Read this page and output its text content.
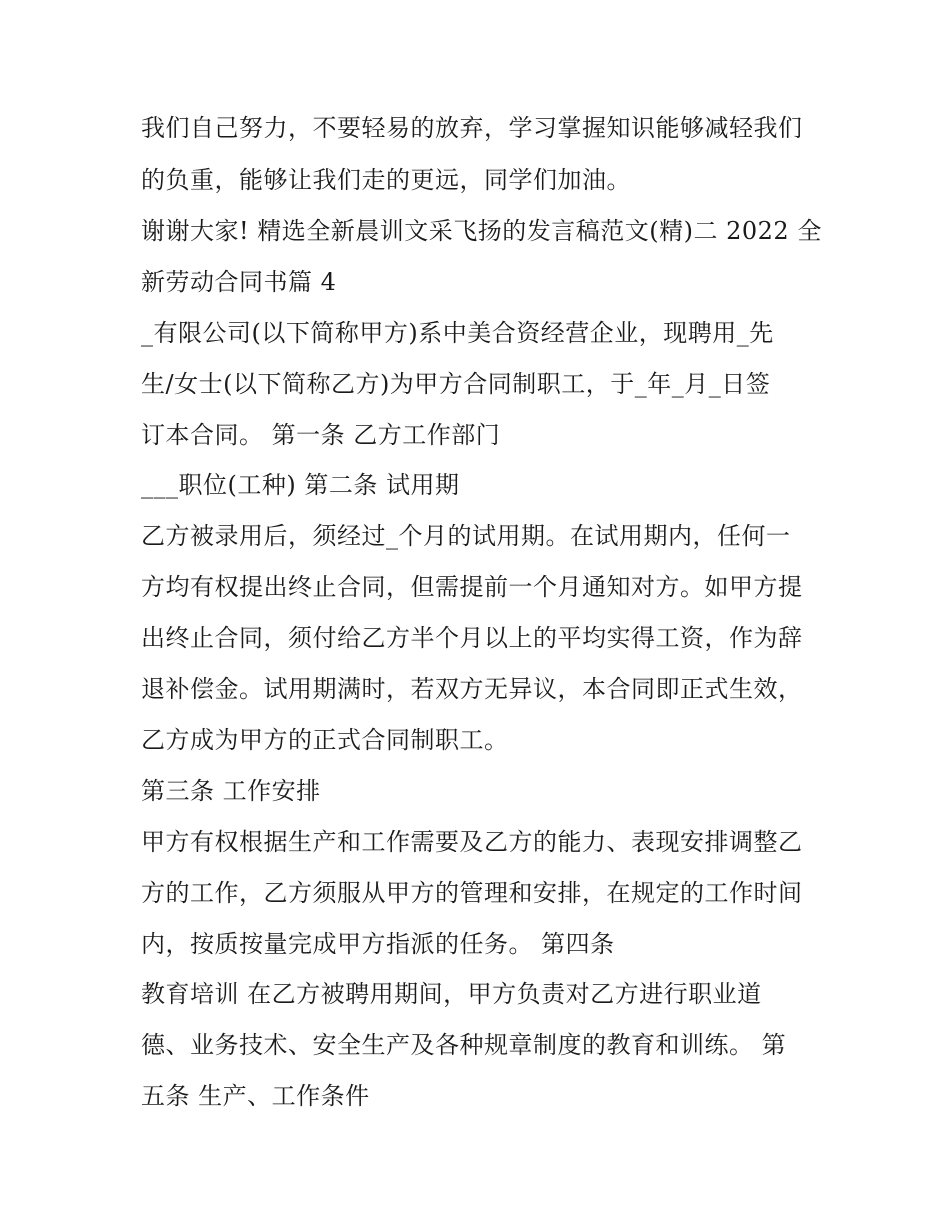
我们自己努力，不要轻易的放弃，学习掌握知识能够减轻我们
的负重，能够让我们走的更远，同学们加油。
谢谢大家! 精选全新晨训文采飞扬的发言稿范文(精)二 2022 全
新劳动合同书篇 4
_有限公司(以下简称甲方)系中美合资经营企业，现聘用_先
生/女士(以下简称乙方)为甲方合同制职工，于_年_月_日签
订本合同。 第一条 乙方工作部门
___职位(工种) 第二条 试用期
乙方被录用后，须经过_个月的试用期。在试用期内，任何一
方均有权提出终止合同，但需提前一个月通知对方。如甲方提
出终止合同，须付给乙方半个月以上的平均实得工资，作为辞
退补偿金。试用期满时，若双方无异议，本合同即正式生效，
乙方成为甲方的正式合同制职工。
第三条 工作安排
甲方有权根据生产和工作需要及乙方的能力、表现安排调整乙
方的工作，乙方须服从甲方的管理和安排，在规定的工作时间
内，按质按量完成甲方指派的任务。 第四条
教育培训 在乙方被聘用期间，甲方负责对乙方进行职业道
德、业务技术、安全生产及各种规章制度的教育和训练。 第
五条 生产、工作条件
